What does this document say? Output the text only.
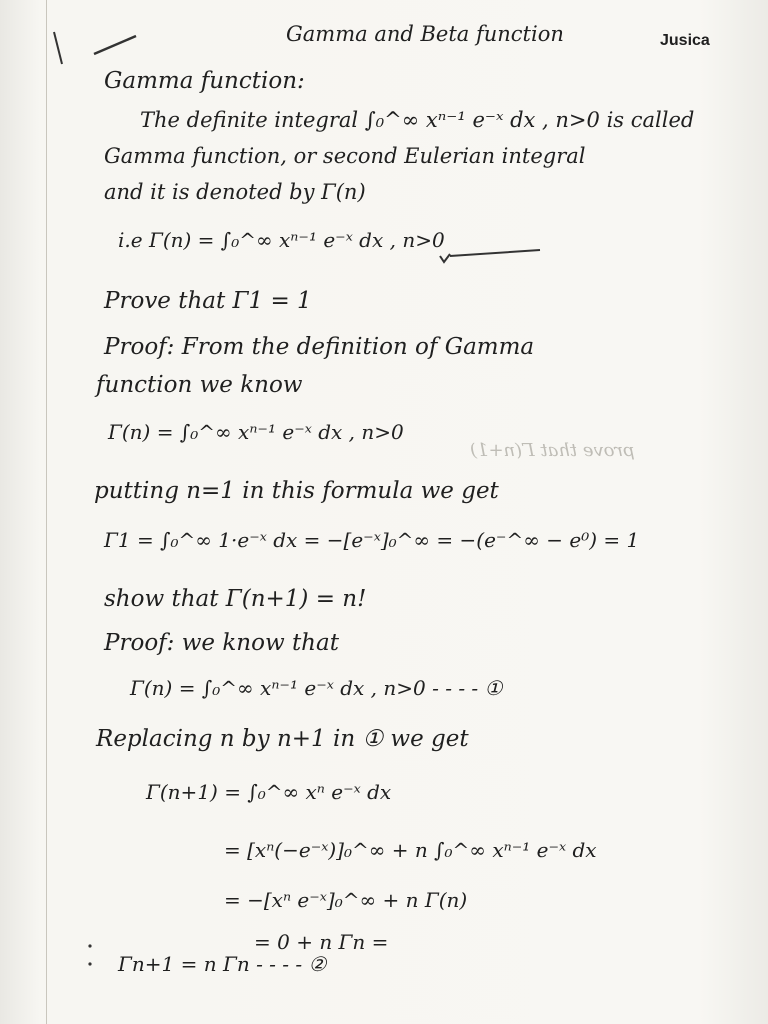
Gamma and Beta function	Jusica
Gamma function:
The definite integral ∫₀^∞ xⁿ⁻¹ e⁻ˣ dx , n>0 is called
Gamma function, or second Eulerian integral
and it is denoted by Γ(n)
i.e Γ(n) = ∫₀^∞ xⁿ⁻¹ e⁻ˣ dx , n>0
Prove that Γ1 = 1
Proof: From the definition of Gamma
function we know
Γ(n) = ∫₀^∞ xⁿ⁻¹ e⁻ˣ dx , n>0
prove that Γ(n+1)
putting n=1 in this formula we get
Γ1 = ∫₀^∞ 1·e⁻ˣ dx = −[e⁻ˣ]₀^∞ = −(e⁻^∞ − e⁰) = 1
show that Γ(n+1) = n!
Proof: we know that
Γ(n) = ∫₀^∞ xⁿ⁻¹ e⁻ˣ dx , n>0 - - - - ①
Replacing n by n+1 in ① we get
Γ(n+1) = ∫₀^∞ xⁿ e⁻ˣ dx
= [xⁿ(−e⁻ˣ)]₀^∞ + n ∫₀^∞ xⁿ⁻¹ e⁻ˣ dx
= −[xⁿ e⁻ˣ]₀^∞ + n Γ(n)
= 0 + n Γn =
Γn+1 = n Γn - - - - ②
